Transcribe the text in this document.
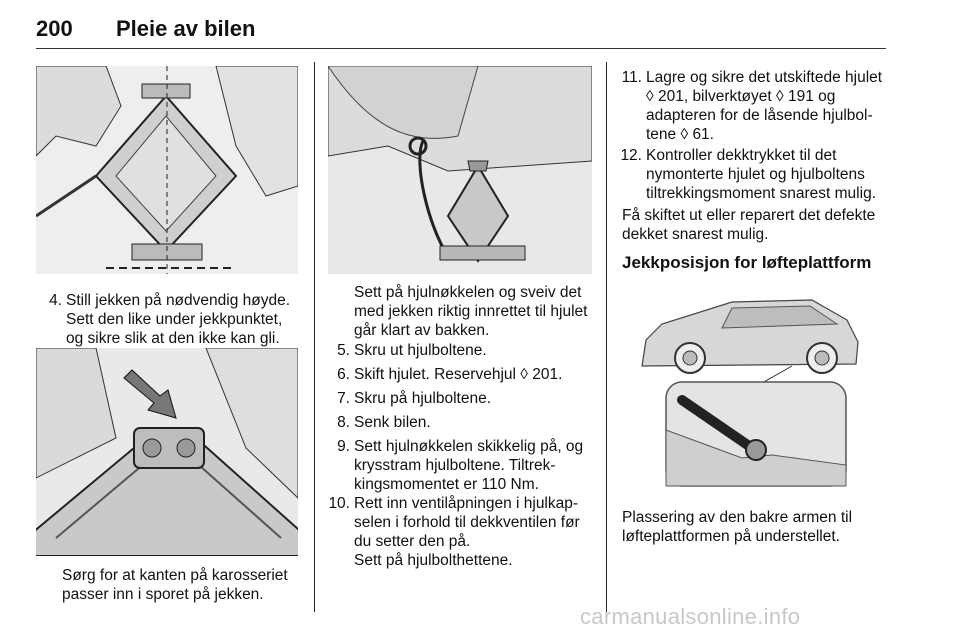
200 Pleie av bilen
4. Still jekken på nødvendig høyde.
Sett den like under jekkpunktet,
og sikre slik at den ikke kan gli.
Sørg for at kanten på karosseriet
passer inn i sporet på jekken.
Sett på hjulnøkkelen og sveiv det
med jekken riktig innrettet til hjulet
går klart av bakken.
5. Skru ut hjulboltene.
6. Skift hjulet. Reservehjul ◊ 201.
7. Skru på hjulboltene.
8. Senk bilen.
9. Sett hjulnøkkelen skikkelig på, og
krysstram hjulboltene. Tiltrek-
kingsmomentet er 110 Nm.
10. Rett inn ventilåpningen i hjulkap-
selen i forhold til dekkventilen før
du setter den på.
Sett på hjulbolthettene.
11. Lagre og sikre det utskiftede hjulet
◊ 201, bilverktøyet ◊ 191 og
adapteren for de låsende hjulbol-
tene ◊ 61.
12. Kontroller dekktrykket til det
nymonterte hjulet og hjulboltens
tiltrekkingsmoment snarest mulig.
Få skiftet ut eller reparert det defekte
dekket snarest mulig.
Jekkposisjon for løfteplattform
Plassering av den bakre armen til
løfteplattformen på understellet.
carmanualsonline.info
